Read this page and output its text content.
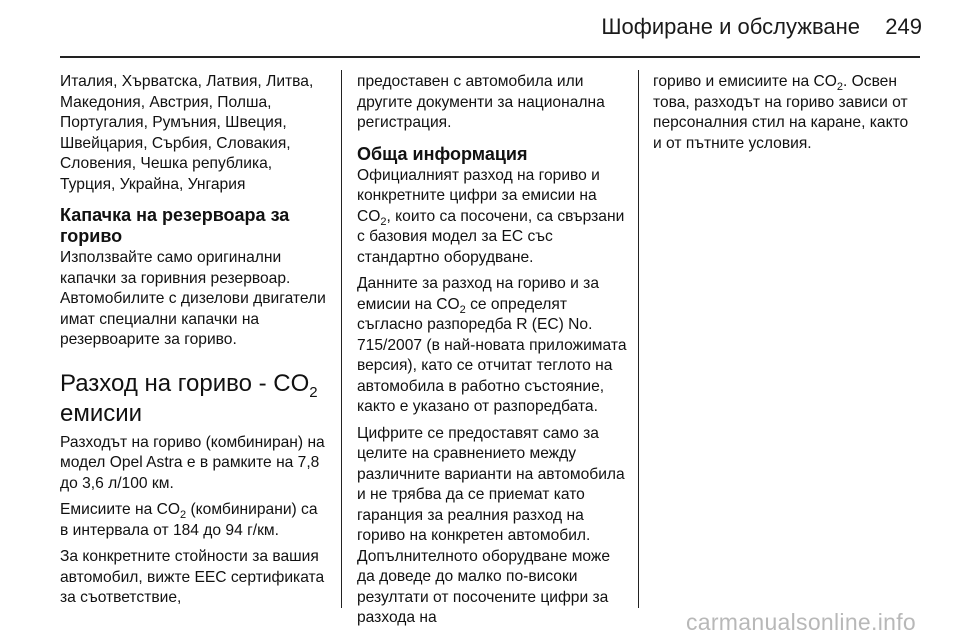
Шофиране и обслужване 249

Италия, Хърватска, Латвия, Литва, Македония, Австрия, Полша, Португалия, Румъния, Швеция, Швейцария, Сърбия, Словакия, Словения, Чешка република, Турция, Украйна, Унгария

Капачка на резервоара за гориво

Използвайте само оригинални капачки за горивния резервоар. Автомобилите с дизелови двигатели имат специални капачки на резервоарите за гориво.

Разход на гориво - $CO_2$
емисии

Разходът на гориво (комбиниран) на модел Opel Astra е в рамките на 7,8 до 3,6 л/100 км.

Емисиите на $CO_2$ (комбинирани) са в интервала от 184 до 94 г/км.

За конкретните стойности за вашия автомобил, вижте EEC сертификата за съответствие,

предоставен с автомобила или другите документи за национална регистрация.

Обща информация

Официалният разход на гориво и конкретните цифри за емисии на $CO_2$, които са посочени, са свързани с базовия модел за ЕС със стандартно оборудване.

Данните за разход на гориво и за емисии на $CO_2$ се определят съгласно разпоредба R (EC) No. 715/2007 (в най-новата приложимата версия), като се отчитат теглото на автомобила в работно състояние, както е указано от разпоредбата.

Цифрите се предоставят само за целите на сравнението между различните варианти на автомобила и не трябва да се приемат като гаранция за реалния разход на гориво на конкретен автомобил. Допълнителното оборудване може да доведе до малко по-високи резултати от посочените цифри за разхода на

гориво и емисиите на $CO_2$. Освен това, разходът на гориво зависи от персоналния стил на каране, както и от пътните условия.

carmanualsonline.info
